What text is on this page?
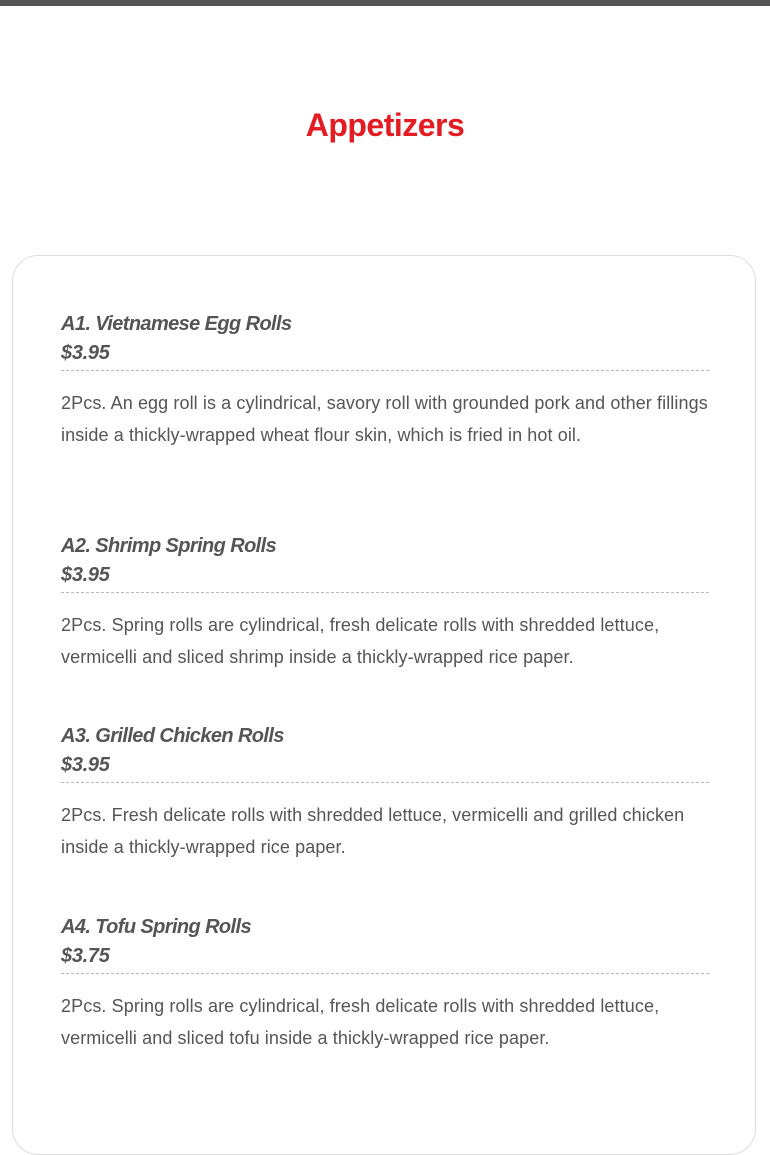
Appetizers

A1. Vietnamese Egg Rolls

$3.95

2Pcs. An egg roll is a cylindrical, savory roll with grounded pork and other fillings inside a thickly-wrapped wheat flour skin, which is fried in hot oil.

A2. Shrimp Spring Rolls

$3.95

2Pcs. Spring rolls are cylindrical, fresh delicate rolls with shredded lettuce, vermicelli and sliced shrimp inside a thickly-wrapped rice paper.

A3. Grilled Chicken Rolls

$3.95

2Pcs. Fresh delicate rolls with shredded lettuce, vermicelli and grilled chicken inside a thickly-wrapped rice paper.

A4. Tofu Spring Rolls

$3.75

2Pcs. Spring rolls are cylindrical, fresh delicate rolls with shredded lettuce, vermicelli and sliced tofu inside a thickly-wrapped rice paper.
